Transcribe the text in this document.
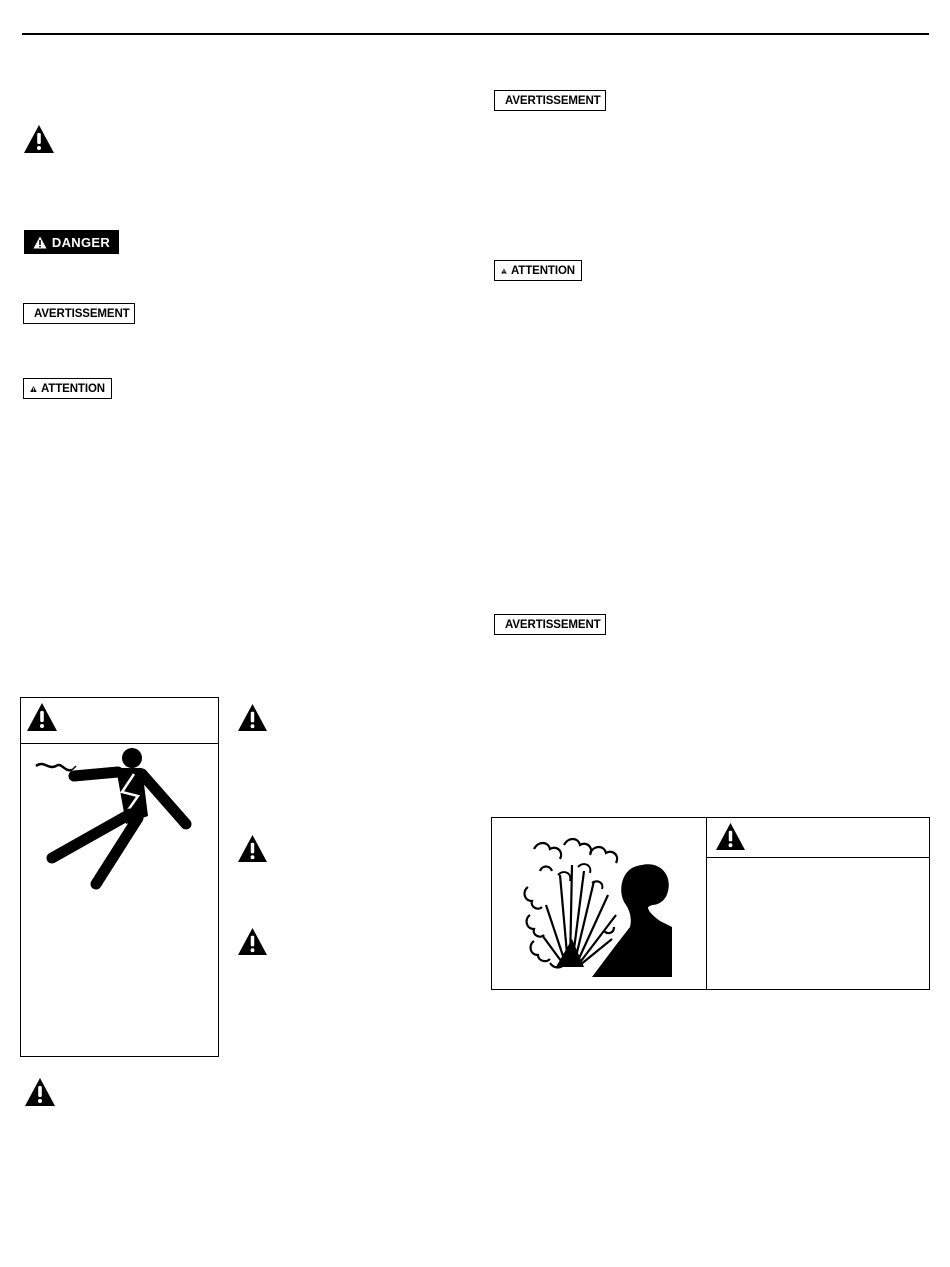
DANGER
AVERTISSEMENT
ATTENTION
AVERTISSEMENT
ATTENTION
AVERTISSEMENT
